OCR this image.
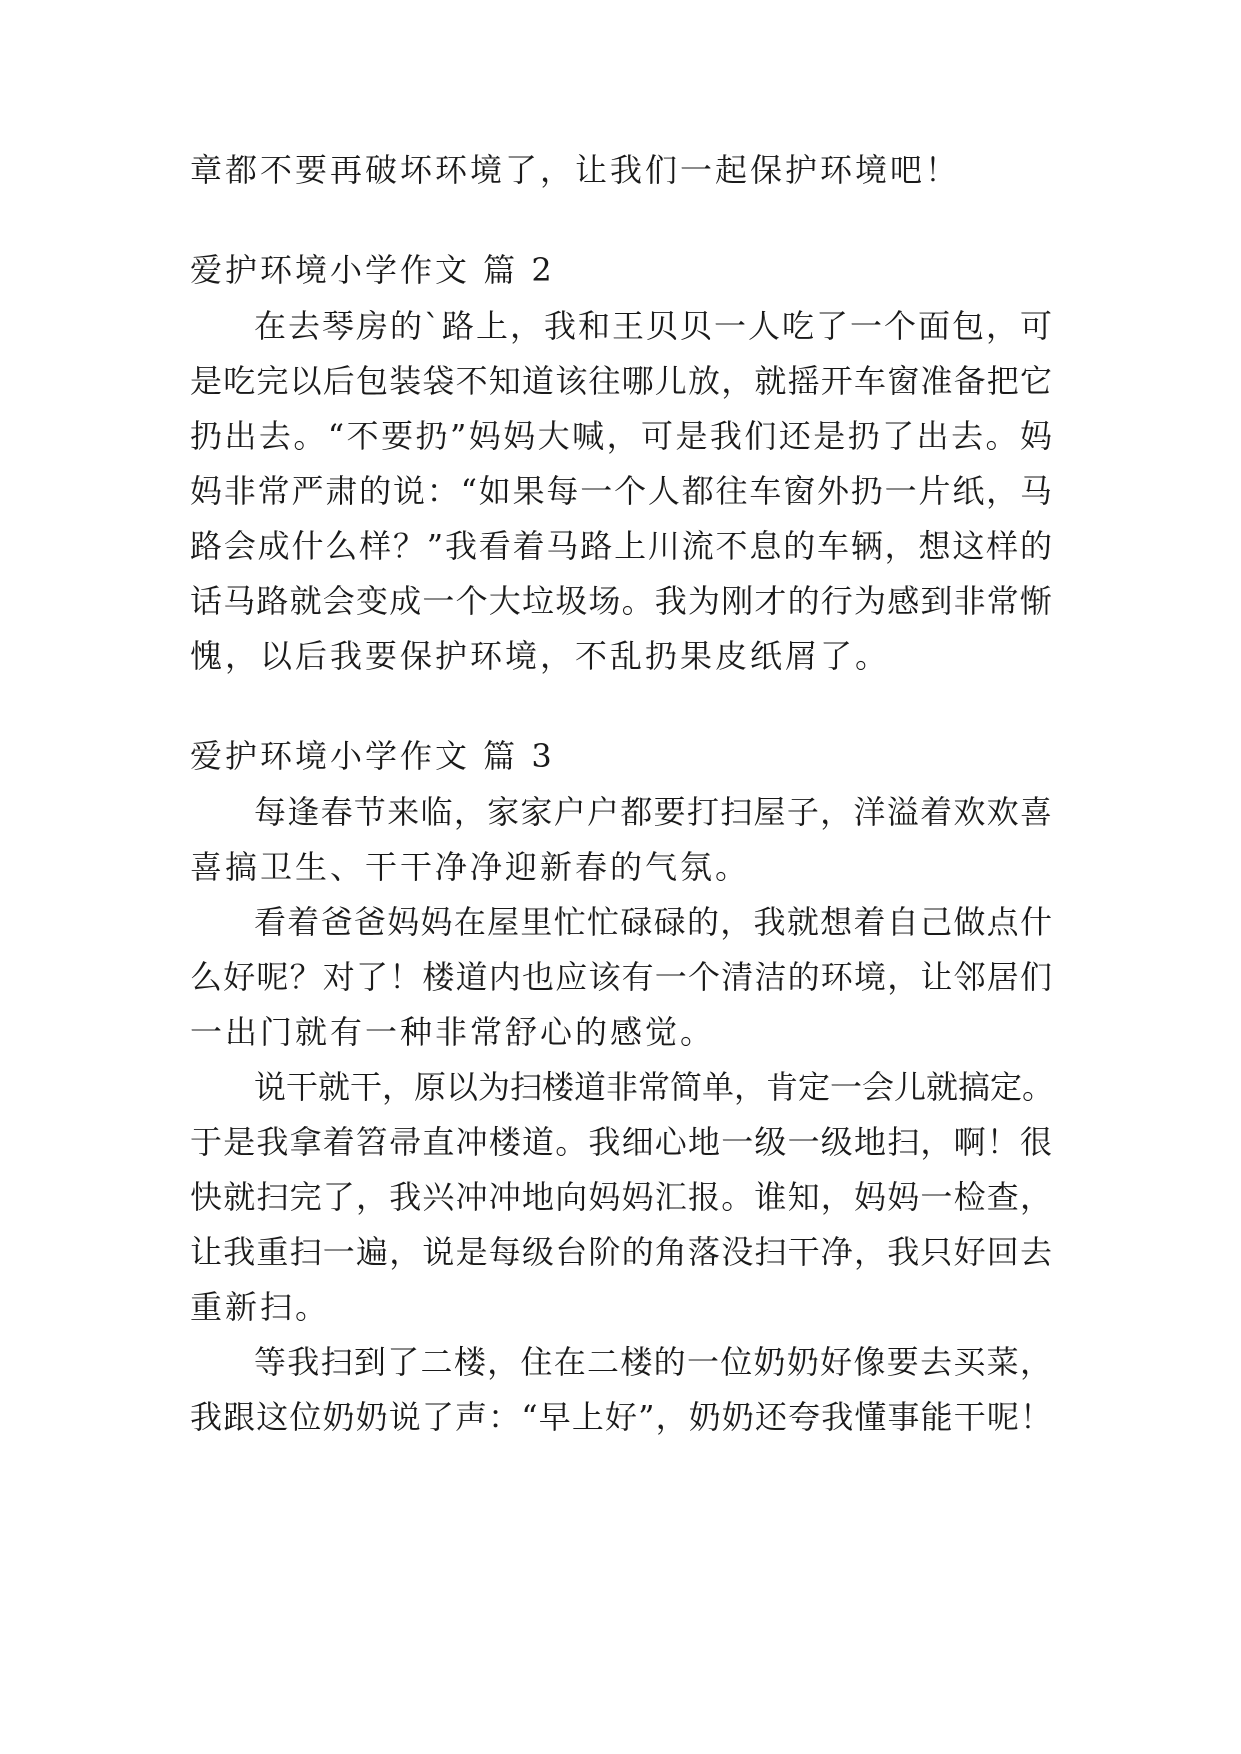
章都不要再破坏环境了，让我们一起保护环境吧！

爱护环境小学作文 篇 2

在去琴房的`路上，我和王贝贝一人吃了一个面包，可

是吃完以后包装袋不知道该往哪儿放，就摇开车窗准备把它

扔出去。“不要扔”妈妈大喊，可是我们还是扔了出去。妈

妈非常严肃的说：“如果每一个人都往车窗外扔一片纸，马

路会成什么样？”我看着马路上川流不息的车辆，想这样的

话马路就会变成一个大垃圾场。我为刚才的行为感到非常惭

愧，以后我要保护环境，不乱扔果皮纸屑了。

爱护环境小学作文 篇 3

每逢春节来临，家家户户都要打扫屋子，洋溢着欢欢喜

喜搞卫生、干干净净迎新春的气氛。

看着爸爸妈妈在屋里忙忙碌碌的，我就想着自己做点什

么好呢？对了！楼道内也应该有一个清洁的环境，让邻居们

一出门就有一种非常舒心的感觉。

说干就干，原以为扫楼道非常简单，肯定一会儿就搞定。

于是我拿着笤帚直冲楼道。我细心地一级一级地扫，啊！很

快就扫完了，我兴冲冲地向妈妈汇报。谁知，妈妈一检查，

让我重扫一遍，说是每级台阶的角落没扫干净，我只好回去

重新扫。

等我扫到了二楼，住在二楼的一位奶奶好像要去买菜，

我跟这位奶奶说了声：“早上好”，奶奶还夸我懂事能干呢！
